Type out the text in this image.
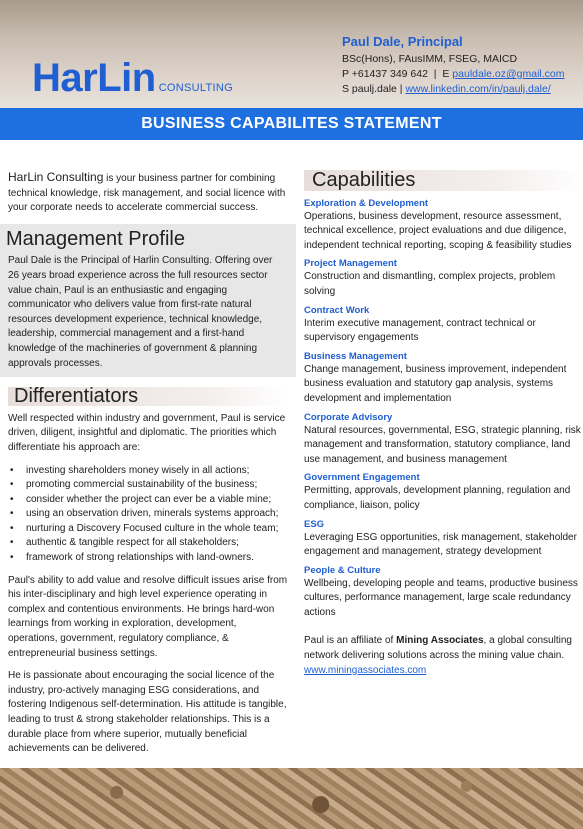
HarLin CONSULTING
Paul Dale, Principal
BSc(Hons), FAusIMM, FSEG, MAICD
P +61437 349 642 | E pauldale.oz@gmail.com
S paulj.dale | www.linkedin.com/in/paulj.dale/
BUSINESS CAPABILITES STATEMENT
HarLin Consulting is your business partner for combining technical knowledge, risk management, and social licence with your corporate needs to accelerate commercial success.
Management Profile
Paul Dale is the Principal of Harlin Consulting. Offering over 26 years broad experience across the full resources sector value chain, Paul is an enthusiastic and engaging communicator who delivers value from first-rate natural resources development experience, technical knowledge, leadership, commercial management and a first-hand knowledge of the machineries of government & planning approvals processes.
Differentiators

Well respected within industry and government, Paul is service driven, diligent, insightful and diplomatic. The priorities which differentiate his approach are:

• investing shareholders money wisely in all actions;
• promoting commercial sustainability of the business;
• consider whether the project can ever be a viable mine;
• using an observation driven, minerals systems approach;
• nurturing a Discovery Focused culture in the whole team;
• authentic & tangible respect for all stakeholders;
• framework of strong relationships with land-owners.

Paul's ability to add value and resolve difficult issues arise from his inter-disciplinary and high level experience operating in complex and contentious environments. He brings hard-won learnings from working in exploration, development, operations, government, regulatory compliance, & entrepreneurial business settings.

He is passionate about encouraging the social licence of the industry, pro-actively managing ESG considerations, and fostering Indigenous self-determination. His attitude is tangible, leading to trust & strong stakeholder relationships. This is a durable place from where superior, mutually beneficial achievements can be delivered.

Capabilities
Exploration & Development
Operations, business development, resource assessment, technical excellence, project evaluations and due diligence, independent technical reporting, scoping & feasibility studies
Project Management
Construction and dismantling, complex projects, problem solving
Contract Work
Interim executive management, contract technical or supervisory engagements
Business Management
Change management, business improvement, independent business evaluation and statutory gap analysis, systems development and implementation
Corporate Advisory
Natural resources, governmental, ESG, strategic planning, risk management and transformation, statutory compliance, land use management, and business management
Government Engagement
Permitting, approvals, development planning, regulation and compliance, liaison, policy
ESG
Leveraging ESG opportunities, risk management, stakeholder engagement and management, strategy development
People & Culture
Wellbeing, developing people and teams, productive business cultures, performance management, large scale redundancy actions
Paul is an affiliate of Mining Associates, a global consulting network delivering solutions across the mining value chain.
www.miningassociates.com
